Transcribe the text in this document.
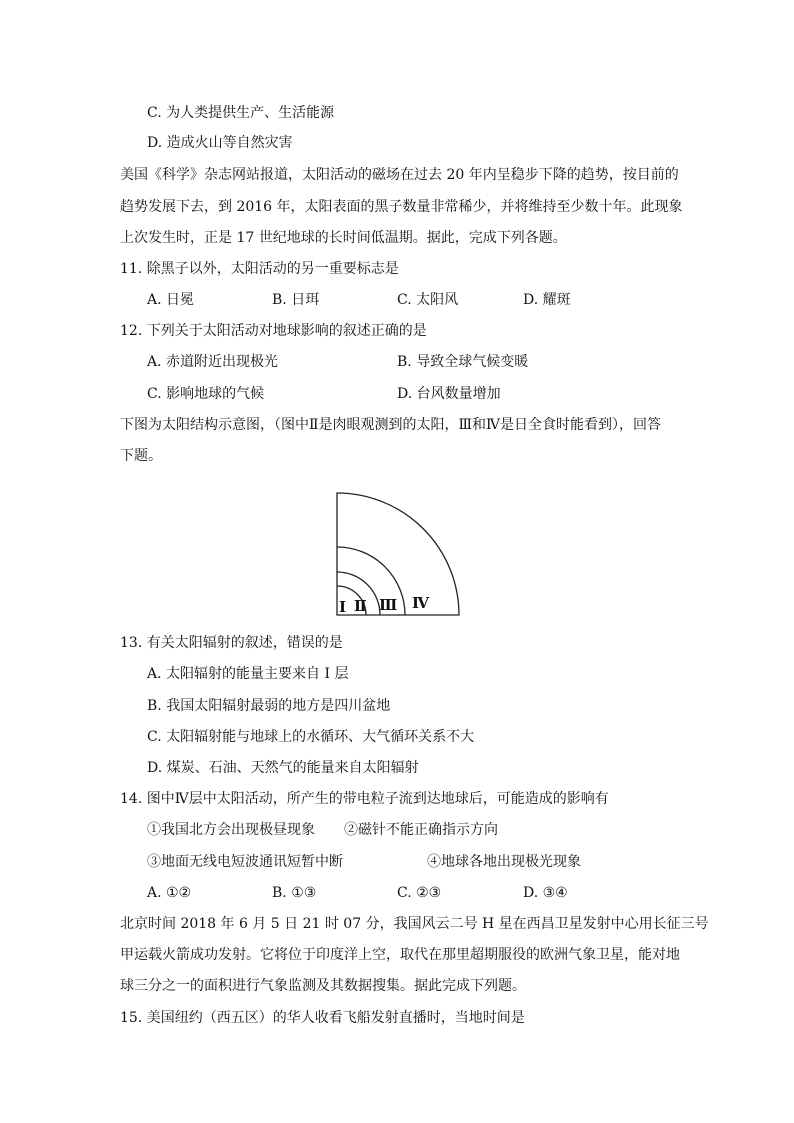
C. 为人类提供生产、生活能源
D. 造成火山等自然灾害
美国《科学》杂志网站报道，太阳活动的磁场在过去 20 年内呈稳步下降的趋势，按目前的
趋势发展下去，到 2016 年，太阳表面的黑子数量非常稀少，并将维持至少数十年。此现象
上次发生时，正是 17 世纪地球的长时间低温期。据此，完成下列各题。
11. 除黑子以外，太阳活动的另一重要标志是
A. 日冕	B. 日珥	C. 太阳风	D. 耀斑
12. 下列关于太阳活动对地球影响的叙述正确的是
A. 赤道附近出现极光	B. 导致全球气候变暖
C. 影响地球的气候	D. 台风数量增加
下图为太阳结构示意图，（图中Ⅱ是肉眼观测到的太阳，Ⅲ和Ⅳ是日全食时能看到），回答
下题。
Ⅰ Ⅱ Ⅲ Ⅳ
13. 有关太阳辐射的叙述，错误的是
A. 太阳辐射的能量主要来自 I 层
B. 我国太阳辐射最弱的地方是四川盆地
C. 太阳辐射能与地球上的水循环、大气循环关系不大
D. 煤炭、石油、天然气的能量来自太阳辐射
14. 图中Ⅳ层中太阳活动，所产生的带电粒子流到达地球后，可能造成的影响有
①我国北方会出现极昼现象 ②磁针不能正确指示方向
③地面无线电短波通讯短暂中断	④地球各地出现极光现象
A. ①②	B. ①③	C. ②③	D. ③④
北京时间 2018 年 6 月 5 日 21 时 07 分，我国风云二号 H 星在西昌卫星发射中心用长征三号
甲运载火箭成功发射。它将位于印度洋上空，取代在那里超期服役的欧洲气象卫星，能对地
球三分之一的面积进行气象监测及其数据搜集。据此完成下列题。
15. 美国纽约（西五区）的华人收看飞船发射直播时，当地时间是
